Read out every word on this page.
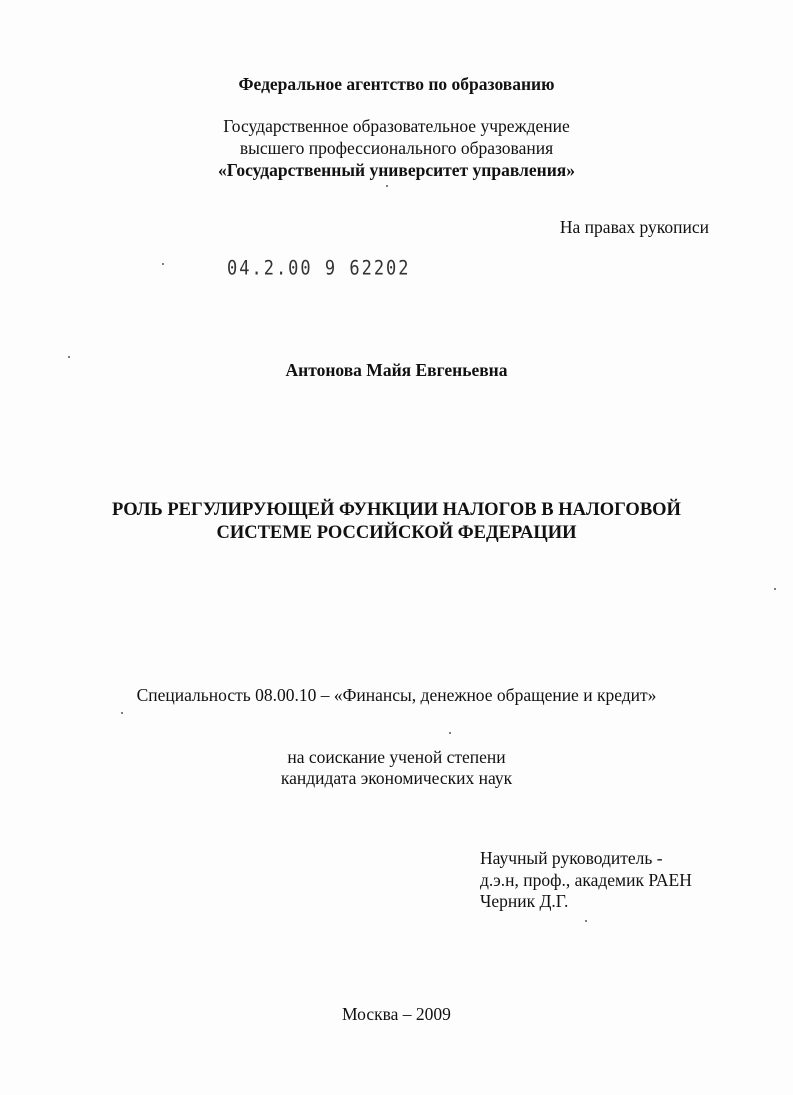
Федеральное агентство по образованию
Государственное образовательное учреждение
высшего профессионального образования
«Государственный университет управления»
На правах рукописи
04.2.00 9 62202
Антонова Майя Евгеньевна
РОЛЬ РЕГУЛИРУЮЩЕЙ ФУНКЦИИ НАЛОГОВ В НАЛОГОВОЙ
СИСТЕМЕ РОССИЙСКОЙ ФЕДЕРАЦИИ
Специальность 08.00.10 – «Финансы, денежное обращение и кредит»
на соискание ученой степени
кандидата экономических наук
Научный руководитель -
д.э.н, проф., академик РАЕН
Черник Д.Г.
Москва – 2009
